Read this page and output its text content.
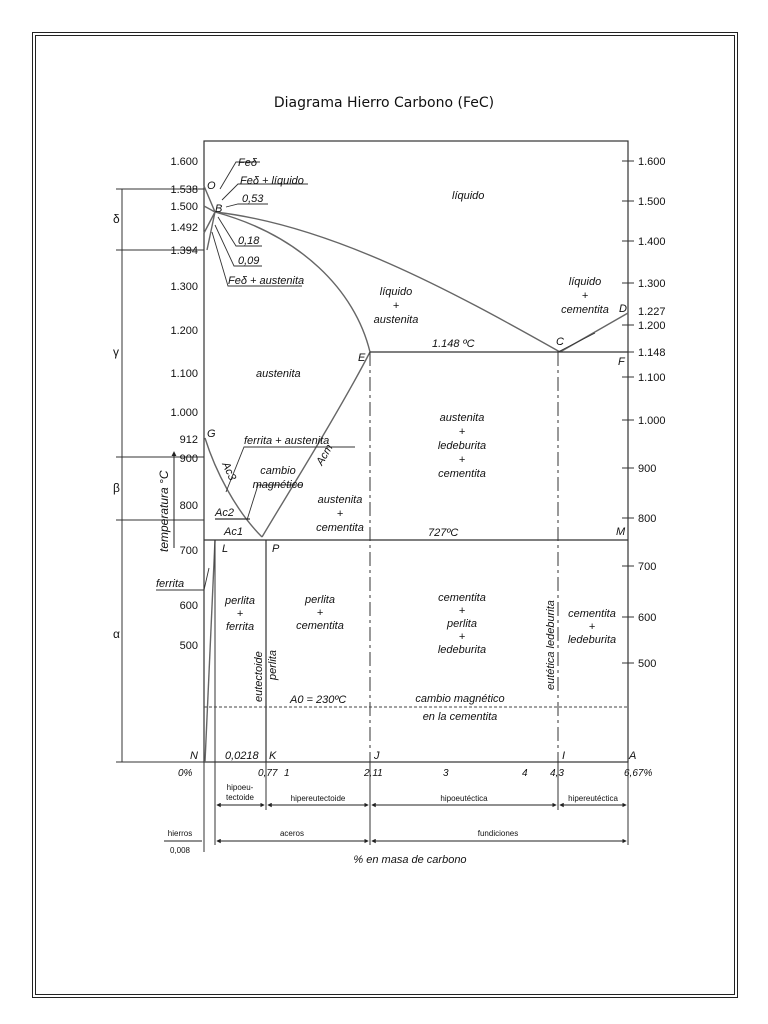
Diagrama Hierro Carbono (FeC)
δ
γ
β
α
1.600
1.538
1.500
1.492
1.394
1.300
1.200
1.100
1.000
912
900
800
700
600
500
1.600
1.500
1.400
1.300
1.227
1.200
1.148
1.100
1.000
900
800
700
600
500
temperatura °C
O
B
E
C
D
F
G
L	P
M
N	K	J	I	A
Feδ
Feδ + líquido
0,53
0,18
0,09
Feδ + austenita
líquido
líquido
+
austenita
líquido
+
cementita
austenita
+
ledeburita
+
cementita
cambio
magnético
austenita
+
cementita
perlita
+
ferrita
perlita
+
cementita
cementita
+
perlita
+
ledeburita
cementita
+
ledeburita
cambio magnético
en la cementita
austenita
1.148 ºC
ferrita + austenita
Ac3
Acm
Ac2
Ac1	727ºC
ferrita
eutectoide perlita	eutética ledeburita
A0 = 230ºC
0,0218
0%	0,77 1	2,11	3	4 4,3	6,67%
hipoeu-
tectoide	hipereutectoide	hipoeutéctica	hipereutéctica
hierros	aceros	fundiciones
0,008
% en masa de carbono
